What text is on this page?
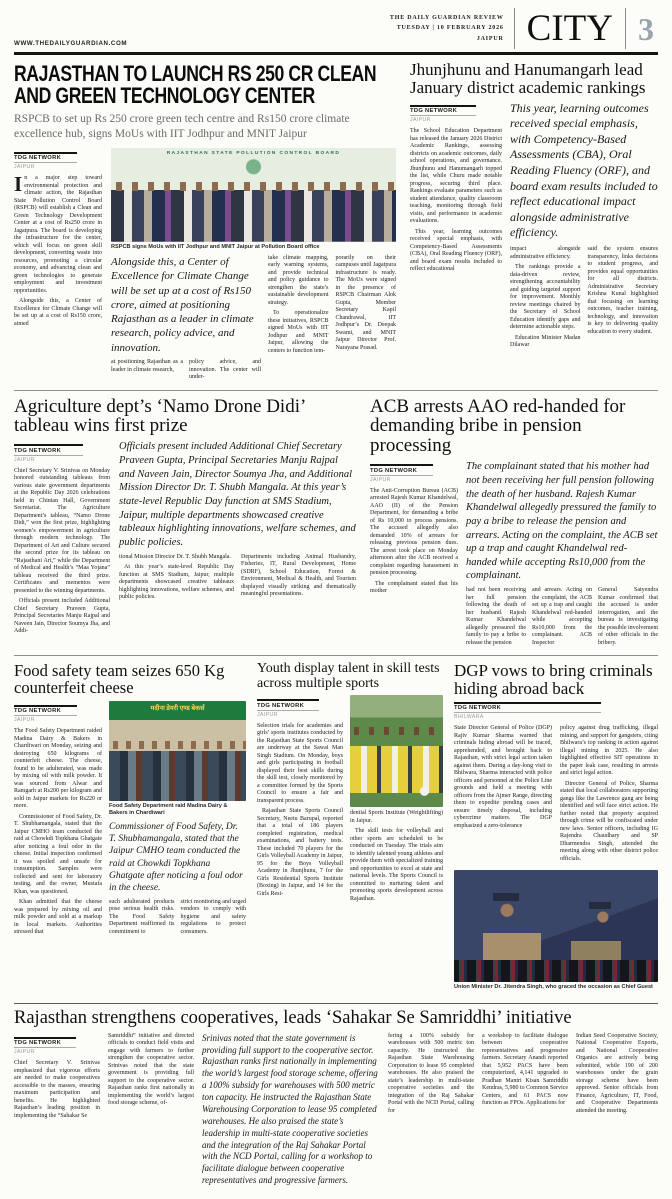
WWW.THEDAILYGUARDIAN.COM
THE DAILY GUARDIAN REVIEW
TUESDAY | 10 FEBRUARY 2026
JAIPUR CITY 3
RAJASTHAN TO LAUNCH RS 250 CR CLEAN AND GREEN TECHNOLOGY CENTER

RSPCB to set up Rs 250 crore green tech centre and Rs150 crore climate excellence hub, signs MoUs with IIT Jodhpur and MNIT Jaipur

TDG NETWORK
JAIPUR

In a major step toward environmental protection and climate action, the Rajasthan State Pollution Control Board (RSPCB) will establish a Clean and Green Technology Development Center at a cost of Rs250 crore in Jagatpura. The board is developing the infrastructure for the center, which will focus on green skill development, converting waste into resources, promoting a circular economy, and advancing clean and green technologies to generate employment and investment opportunities.

Alongside this, a Center of Excellence for Climate Change will be set up at a cost of Rs150 crore, aimed

RAJASTHAN STATE POLLUTION CONTROL BOARD
RSPCB signs MoUs with IIT Jodhpur and MNIT Jaipur at Pollution Board office
Alongside this, a Center of Excellence for Climate Change will be set up at a cost of Rs150 crore, aimed at positioning Rajasthan as a leader in climate research, policy advice, and innovation.
at positioning Rajasthan as a leader in climate research,
policy advice, and innovation. The center will under-

take climate mapping, early warning systems, and provide technical and policy guidance to strengthen the state’s sustainable development strategy.

To operationalize these initiatives, RSPCB signed MoUs with IIT Jodhpur and MNIT Jaipur, allowing the centers to function tem-

porarily on their campuses until Jagatpura infrastructure is ready. The MoUs were signed in the presence of RSPCB Chairman Alok Gupta, Member Secretary Kapil Chandrawal, IIT Jodhpur’s Dr. Deepak Swami, and MNIT Jaipur Director Prof. Narayana Prasad.

Jhunjhunu and Hanumangarh lead January district academic rankings
TDG NETWORK
JAIPUR

The School Education Department has released the January 2026 District Academic Rankings, assessing districts on academic outcomes, daily school operations, and governance. Jhunjhunu and Hanumangarh topped the list, while Churu made notable progress, securing third place. Rankings evaluate parameters such as student attendance, quality classroom teaching, monitoring through field visits, and performance in academic evaluations.

This year, learning outcomes received special emphasis, with Competency-Based Assessments (CBA), Oral Reading Fluency (ORF), and board exam results included to reflect educational

This year, learning outcomes received special emphasis, with Competency-Based Assessments (CBA), Oral Reading Fluency (ORF), and board exam results included to reflect educational impact alongside administrative efficiency.

impact alongside administrative efficiency.

The rankings provide a data-driven review, strengthening accountability and guiding targeted support for improvement. Monthly review meetings chaired by the Secretary of School Education identify gaps and determine actionable steps.

Education Minister Madan Dilawar

said the system ensures transparency, links decisions to student progress, and provides equal opportunities for all districts. Administrative Secretary Krishna Kunal highlighted that focusing on learning outcomes, teacher training, technology, and innovation is key to delivering quality education to every student.

Agriculture dept’s ‘Namo Drone Didi’ tableau wins first prize
TDG NETWORK
JAIPUR

Chief Secretary V. Srinivas on Monday honored outstanding tableaus from various state government departments at the Republic Day 2026 celebrations held in Chintan Hall, Government Secretariat. The Agriculture Department’s tableau, “Namo Drone Didi,” won the first prize, highlighting women’s empowerment in agriculture through modern technology. The Department of Art and Culture secured the second prize for its tableau on “Rajasthani Art,” while the Department of Medical and Health’s “Maa Yojana” tableau received the third prize. Certificates and mementos were presented to the winning departments.

Officials present included Additional Chief Secretary Praveen Gupta, Principal Secretaries Manju Rajpal and Naveen Jain, Director Soumya Jha, and Addi-

Officials present included Additional Chief Secretary Praveen Gupta, Principal Secretaries Manju Rajpal and Naveen Jain, Director Soumya Jha, and Additional Mission Director Dr. T. Shubh Mangala. At this year’s state-level Republic Day function at SMS Stadium, Jaipur, multiple departments showcased creative tableaux highlighting innovations, welfare schemes, and public policies.

tional Mission Director Dr. T. Shubh Mangala.

At this year’s state-level Republic Day function at SMS Stadium, Jaipur, multiple departments showcased creative tableaux highlighting innovations, welfare schemes, and public policies.

Departments including Animal Husbandry, Fisheries, IT, Rural Development, Home (SDRF), School Education, Forest & Environment, Medical & Health, and Tourism displayed visually striking and thematically meaningful presentations.

ACB arrests AAO red-handed for demanding bribe in pension processing
TDG NETWORK
JAIPUR

The Anti-Corruption Bureau (ACB) arrested Rajesh Kumar Khandelwal, AAO (II) of the Pension Department, for demanding a bribe of Rs 10,000 to process pensions. The accused allegedly also demanded 10% of arrears for releasing previous pension dues. The arrest took place on Monday afternoon after the ACB received a complaint regarding harassment in pension processing.

The complainant stated that his mother

The complainant stated that his mother had not been receiving her full pension following the death of her husband. Rajesh Kumar Khandelwal allegedly pressured the family to pay a bribe to release the pension and arrears. Acting on the complaint, the ACB set up a trap and caught Khandelwal red-handed while accepting Rs10,000 from the complainant.
had not been receiving her full pension following the death of her husband. Rajesh Kumar Khandelwal allegedly pressured the family to pay a bribe to release the pension
and arrears. Acting on the complaint, the ACB set up a trap and caught Khandelwal red-handed while accepting Rs10,000 from the complainant. ACB Inspector
General Satyendra Kumar confirmed that the accused is under interrogation, and the bureau is investigating the possible involvement of other officials in the bribery.
Food safety team seizes 650 Kg counterfeit cheese
TDG NETWORK
JAIPUR

The Food Safety Department raided Madina Dairy & Bakers in Chardiwari on Monday, seizing and destroying 650 kilograms of counterfeit cheese. The cheese, found to be adulterated, was made by mixing oil with milk powder. It was sourced from Alwar and Ramgarh at Rs200 per kilogram and sold in Jaipur markets for Rs220 or more.

Commissioner of Food Safety, Dr. T. Shubhamangala, stated that the Jaipur CMHO team conducted the raid at Chowkdi Topkhana Ghatgate after noticing a foul odor in the cheese. Initial inspection confirmed it was spoiled and unsafe for consumption. Samples were collected and sent for laboratory testing, and the owner, Mustafa Khan, was questioned.

Khan admitted that the cheese was prepared by mixing oil and milk powder and sold at a markup in local markets. Authorities stressed that

मदीना डेयरी एण्ड बेकर्स
Food Safety Department raid Madina Dairy & Bakers in Chardiwari
Commissioner of Food Safety, Dr. T. Shubhamangala, stated that the Jaipur CMHO team conducted the raid at Chowkdi Topkhana Ghatgate after noticing a foul odor in the cheese.
such adulterated products pose serious health risks. The Food Safety Department reaffirmed its commitment to
strict monitoring and urged vendors to comply with hygiene and safety regulations to protect consumers.
Youth display talent in skill tests across multiple sports
TDG NETWORK
JAIPUR

Selection trials for academies and girls’ sports institutes conducted by the Rajasthan State Sports Council are underway at the Sawai Man Singh Stadium. On Monday, boys and girls participating in football displayed their best skills during the skill test, closely monitored by a committee formed by the Sports Council to ensure a fair and transparent process.

Rajasthan State Sports Council Secretary, Neetu Barupal, reported that a total of 186 players completed registration, medical examinations, and battery tests. These included 70 players for the Girls Volleyball Academy in Jaipur, 95 for the Boys Volleyball Academy in Jhunjhunu, 7 for the Girls Residential Sports Institute (Boxing) in Jaipur, and 14 for the Girls Resi-

dential Sports Institute (Weightlifting) in Jaipur.

The skill tests for volleyball and other sports are scheduled to be conducted on Tuesday. The trials aim to identify talented young athletes and provide them with specialized training and opportunities to excel at state and national levels. The Sports Council is committed to nurturing talent and promoting sports development across Rajasthan.

DGP vows to bring criminals hiding abroad back
TDG NETWORK
BHILWARA
State Director General of Police (DGP) Rajiv Kumar Sharma warned that criminals hiding abroad will be traced, apprehended, and brought back to Rajasthan, with strict legal action taken against them. During a day-long visit to Bhilwara, Sharma interacted with police officers and personnel at the Police Line grounds and held a meeting with officers from the Ajmer Range, directing them to expedite pending cases and ensure timely disposal, including cybercrime matters. The DGP emphasized a zero-tolerance

policy against drug trafficking, illegal mining, and support for gangsters, citing Bhilwara’s top ranking in action against illegal mining in 2025. He also highlighted effective SIT operations in the paper leak case, resulting in arrests and strict legal action.

Director General of Police, Sharma stated that local collaborators supporting gangs like the Lawrence gang are being identified and will face strict action. He further noted that property acquired through crime will be confiscated under new laws. Senior officers, including IG Rajendra Chaudhary and SP Dharmendra Singh, attended the meeting along with other district police officials.

Union Minister Dr. Jitendra Singh, who graced the occasion as Chief Guest
Rajasthan strengthens cooperatives, leads ‘Sahakar Se Samriddhi’ initiative
TDG NETWORK
JAIPUR
Chief Secretary V. Srinivas emphasized that vigorous efforts are needed to make cooperatives accessible to the masses, ensuring maximum participation and benefits. He highlighted Rajasthan’s leading position in implementing the “Sahakar Se
Samriddhi” initiative and directed officials to conduct field visits and engage with farmers to further strengthen the cooperative sector. Srinivas noted that the state government is providing full support to the cooperative sector. Rajasthan ranks first nationally in implementing the world’s largest food storage scheme, of-
Srinivas noted that the state government is providing full support to the cooperative sector. Rajasthan ranks first nationally in implementing the world’s largest food storage scheme, offering a 100% subsidy for warehouses with 500 metric ton capacity. He instructed the Rajasthan State Warehousing Corporation to lease 95 completed warehouses. He also praised the state’s leadership in multi-state cooperative societies and the integration of the Raj Sahakar Portal with the NCD Portal, calling for a workshop to facilitate dialogue between cooperative representatives and progressive farmers.
fering a 100% subsidy for warehouses with 500 metric ton capacity. He instructed the Rajasthan State Warehousing Corporation to lease 95 completed warehouses. He also praised the state’s leadership in multi-state cooperative societies and the integration of the Raj Sahakar Portal with the NCD Portal, calling for
a workshop to facilitate dialogue between cooperative representatives and progressive farmers. Secretary Anandi reported that 5,952 PACS have been computerized, 4,141 upgraded to Pradhan Mantri Kisan Samriddhi Kendras, 5,980 to Common Service Centers, and 61 PACS now function as FPOs. Applications for
Indian Seed Cooperative Society, National Cooperative Exports, and National Cooperative Organics are actively being submitted, while 190 of 200 warehouses under the grain storage scheme have been approved. Senior officials from Finance, Agriculture, IT, Food, and Cooperative Departments attended the meeting.
